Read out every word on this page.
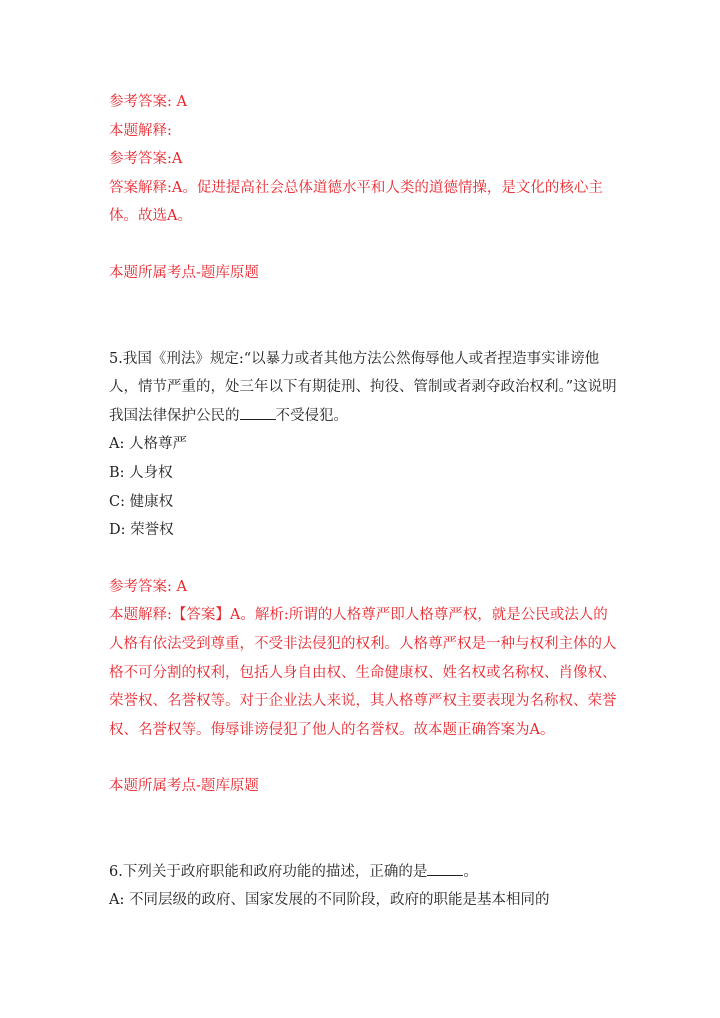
参考答案: A
本题解释:
参考答案:A
答案解释:A。促进提高社会总体道德水平和人类的道德情操，是文化的核心主体。故选A。
本题所属考点-题库原题
5.我国《刑法》规定:“以暴力或者其他方法公然侮辱他人或者捏造事实诽谤他人，情节严重的，处三年以下有期徒刑、拘役、管制或者剥夺政治权利。”这说明我国法律保护公民的 不受侵犯。
A: 人格尊严
B: 人身权
C: 健康权
D: 荣誉权
参考答案: A
本题解释:【答案】A。解析:所谓的人格尊严即人格尊严权，就是公民或法人的人格有依法受到尊重，不受非法侵犯的权利。人格尊严权是一种与权利主体的人格不可分割的权利，包括人身自由权、生命健康权、姓名权或名称权、肖像权、荣誉权、名誉权等。对于企业法人来说，其人格尊严权主要表现为名称权、荣誉权、名誉权等。侮辱诽谤侵犯了他人的名誉权。故本题正确答案为A。
本题所属考点-题库原题
6.下列关于政府职能和政府功能的描述，正确的是 。
A: 不同层级的政府、国家发展的不同阶段，政府的职能是基本相同的
